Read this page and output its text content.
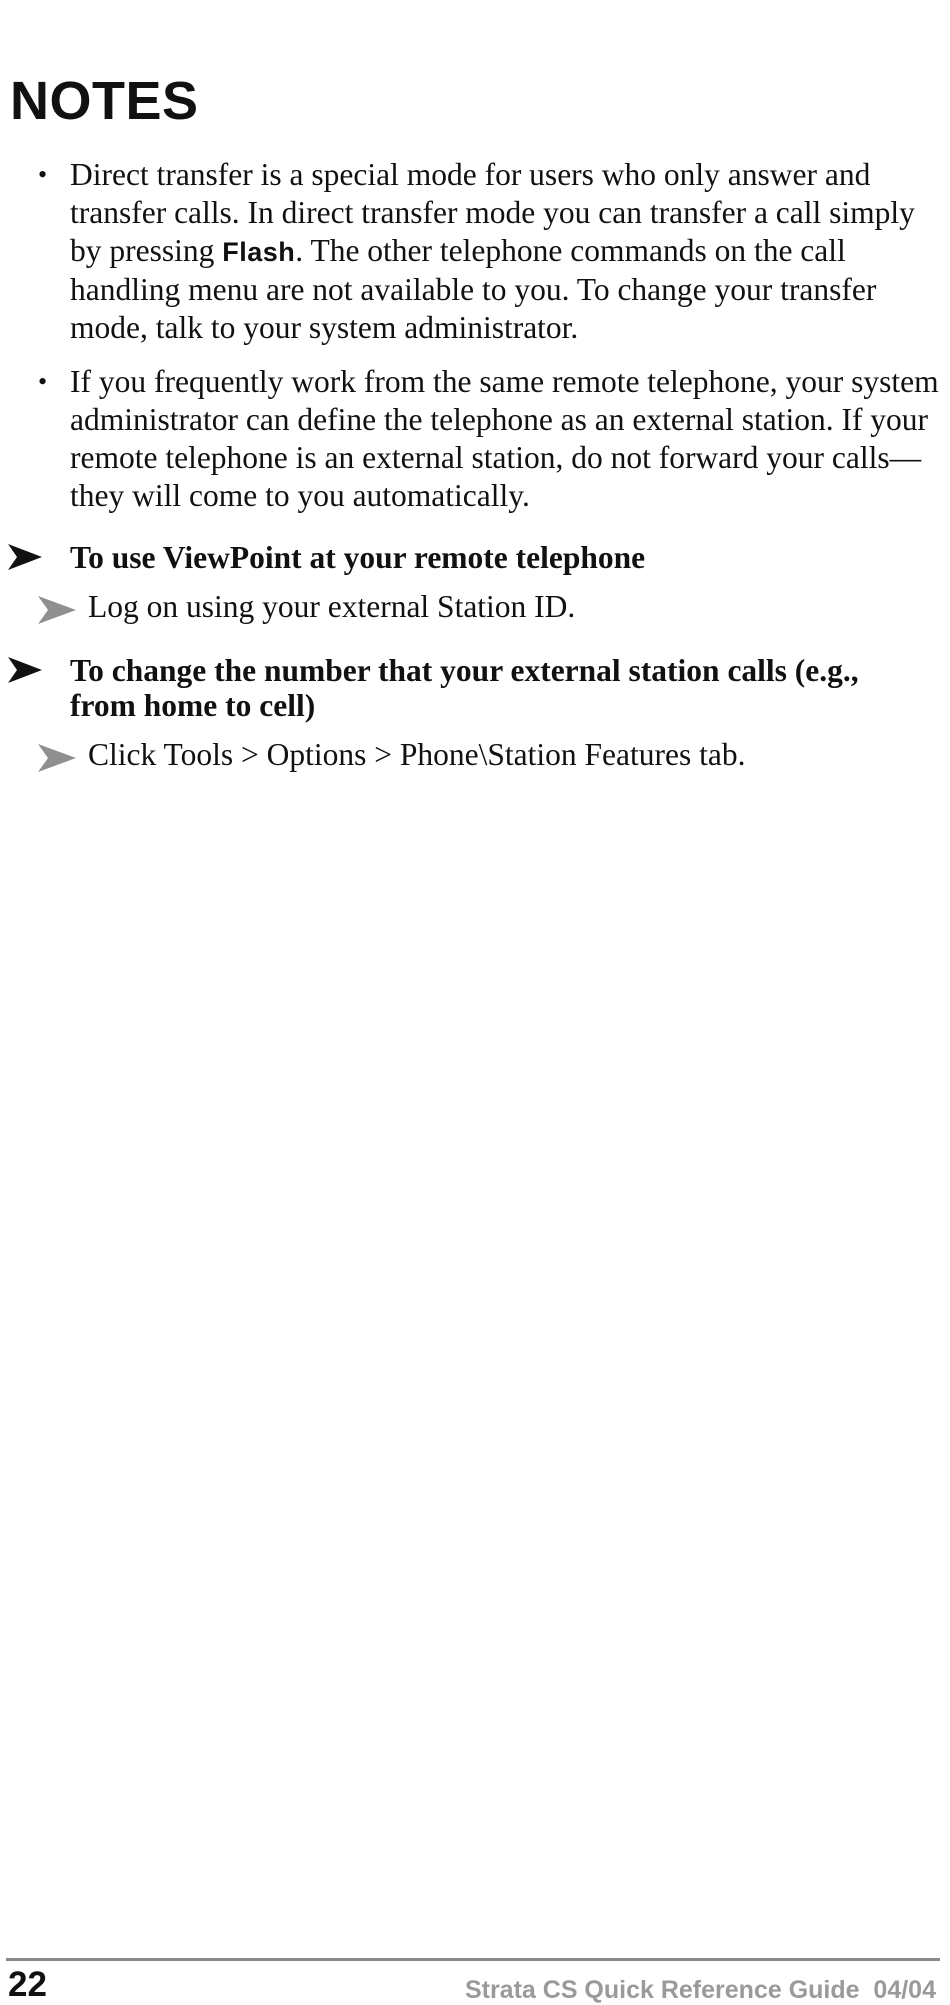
NOTES
• Direct transfer is a special mode for users who only answer and transfer calls. In direct transfer mode you can transfer a call simply by pressing Flash. The other telephone commands on the call handling menu are not available to you. To change your transfer mode, talk to your system administrator.
• If you frequently work from the same remote telephone, your system administrator can define the telephone as an external station. If your remote telephone is an external station, do not forward your calls—they will come to you automatically.
To use ViewPoint at your remote telephone
Log on using your external Station ID.
To change the number that your external station calls (e.g., from home to cell)
Click Tools > Options > Phone\Station Features tab.
22	Strata CS Quick Reference Guide  04/04
